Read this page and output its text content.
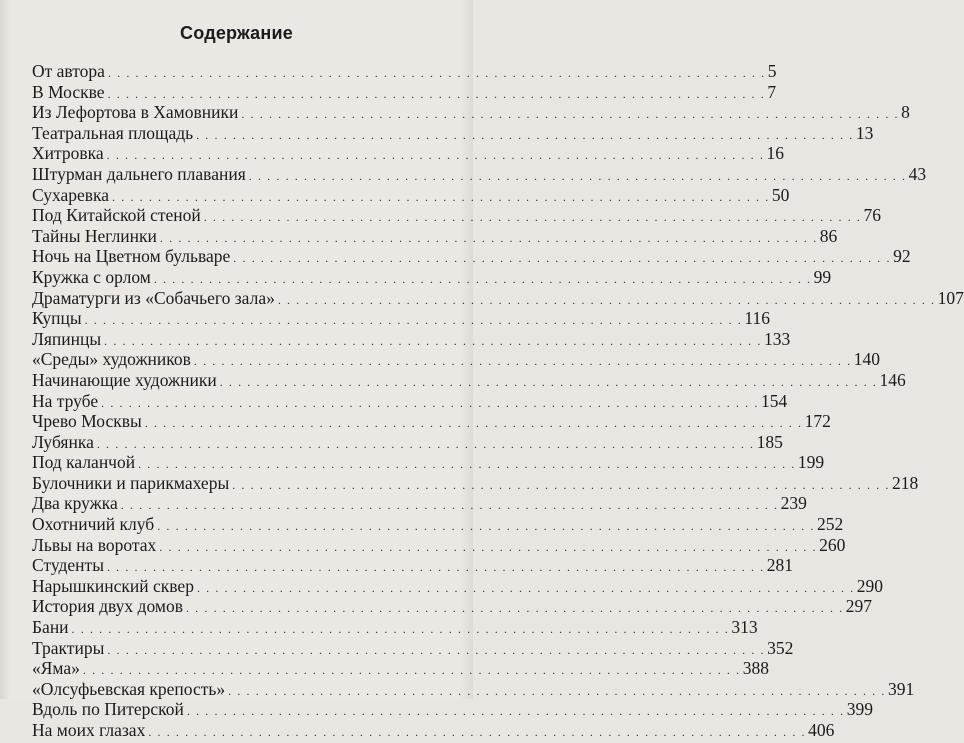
Содержание
От автора . . .	5
В Москве . . .	7
Из Лефортова в Хамовники . . .	8
Театральная площадь . . .	13
Хитровка . . .	16
Штурман дальнего плавания . . .	43
Сухаревка . . .	50
Под Китайской стеной . . .	76
Тайны Неглинки . . .	86
Ночь на Цветном бульваре . . .	92
Кружка с орлом . . .	99
Драматурги из «Собачьего зала» . . .	107
Купцы . . .	116
Ляпинцы . . .	133
«Среды» художников . . .	140
Начинающие художники . . .	146
На трубе . . .	154
Чрево Москвы . . .	172
Лубянка . . .	185
Под каланчой . . .	199
Булочники и парикмахеры . . .	218
Два кружка . . .	239
Охотничий клуб . . .	252
Львы на воротах . . .	260
Студенты . . .	281
Нарышкинский сквер . . .	290
История двух домов . . .	297
Бани . . .	313
Трактиры . . .	352
«Яма» . . .	388
«Олсуфьевская крепость» . . .	391
Вдоль по Питерской . . .	399
На моих глазах . . .	406
